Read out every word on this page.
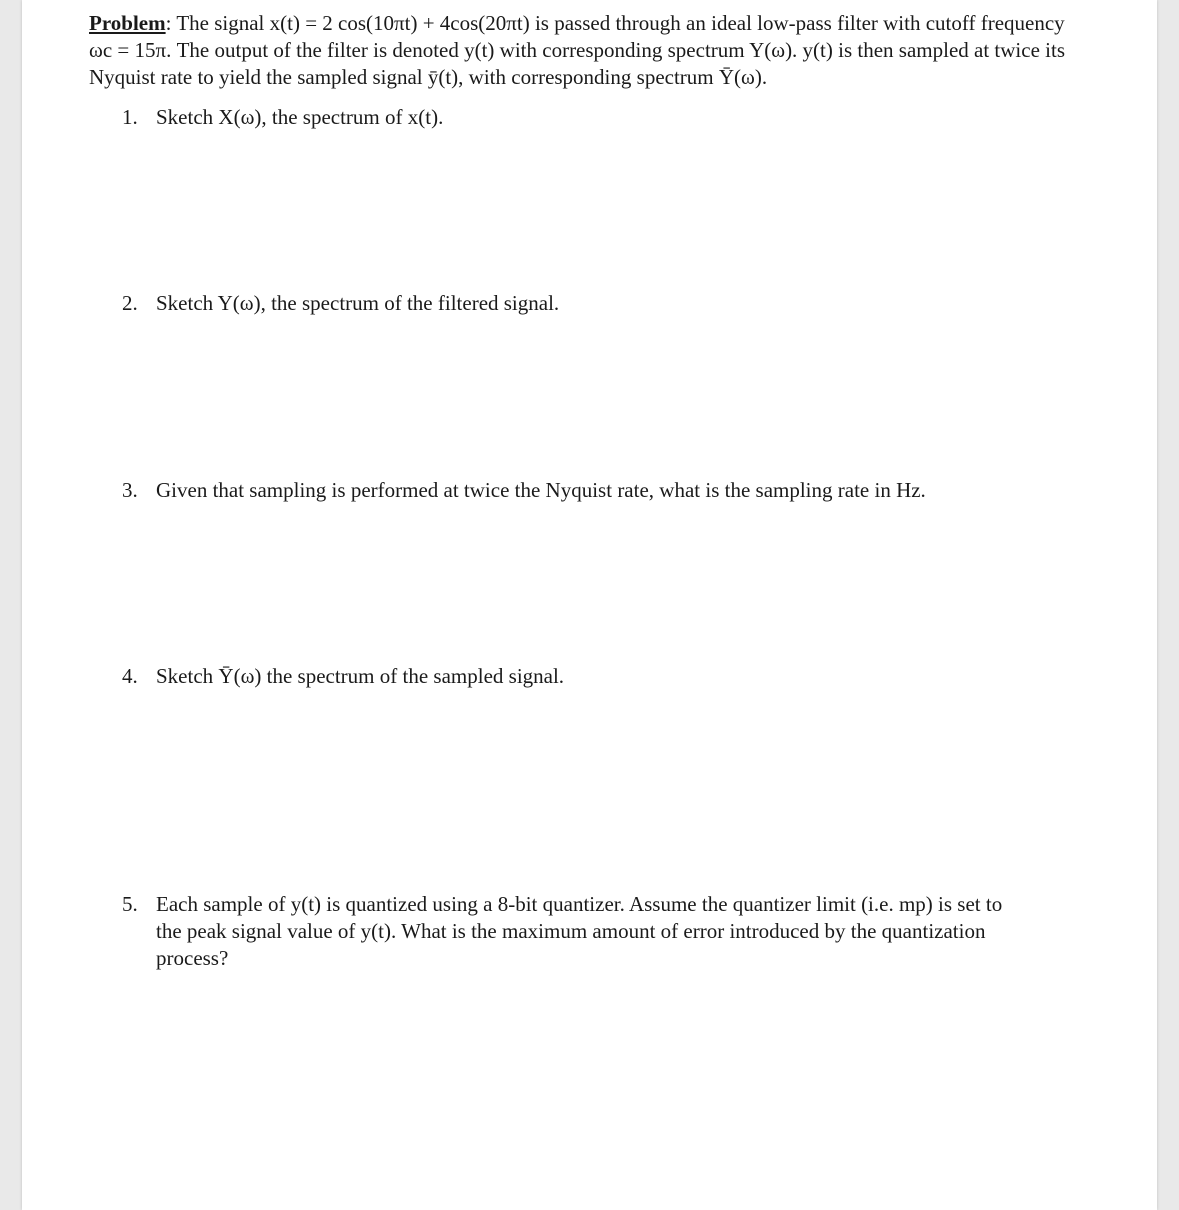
Problem: The signal x(t) = 2 cos(10πt) + 4cos(20πt) is passed through an ideal low-pass filter with cutoff frequency
ωc = 15π. The output of the filter is denoted y(t) with corresponding spectrum Y(ω). y(t) is then sampled at twice its
Nyquist rate to yield the sampled signal ȳ(t), with corresponding spectrum Ȳ(ω).
1. Sketch X(ω), the spectrum of x(t).
2. Sketch Y(ω), the spectrum of the filtered signal.
3. Given that sampling is performed at twice the Nyquist rate, what is the sampling rate in Hz.
4. Sketch Ȳ(ω) the spectrum of the sampled signal.
5. Each sample of y(t) is quantized using a 8-bit quantizer. Assume the quantizer limit (i.e. mp) is set to
the peak signal value of y(t). What is the maximum amount of error introduced by the quantization
process?
